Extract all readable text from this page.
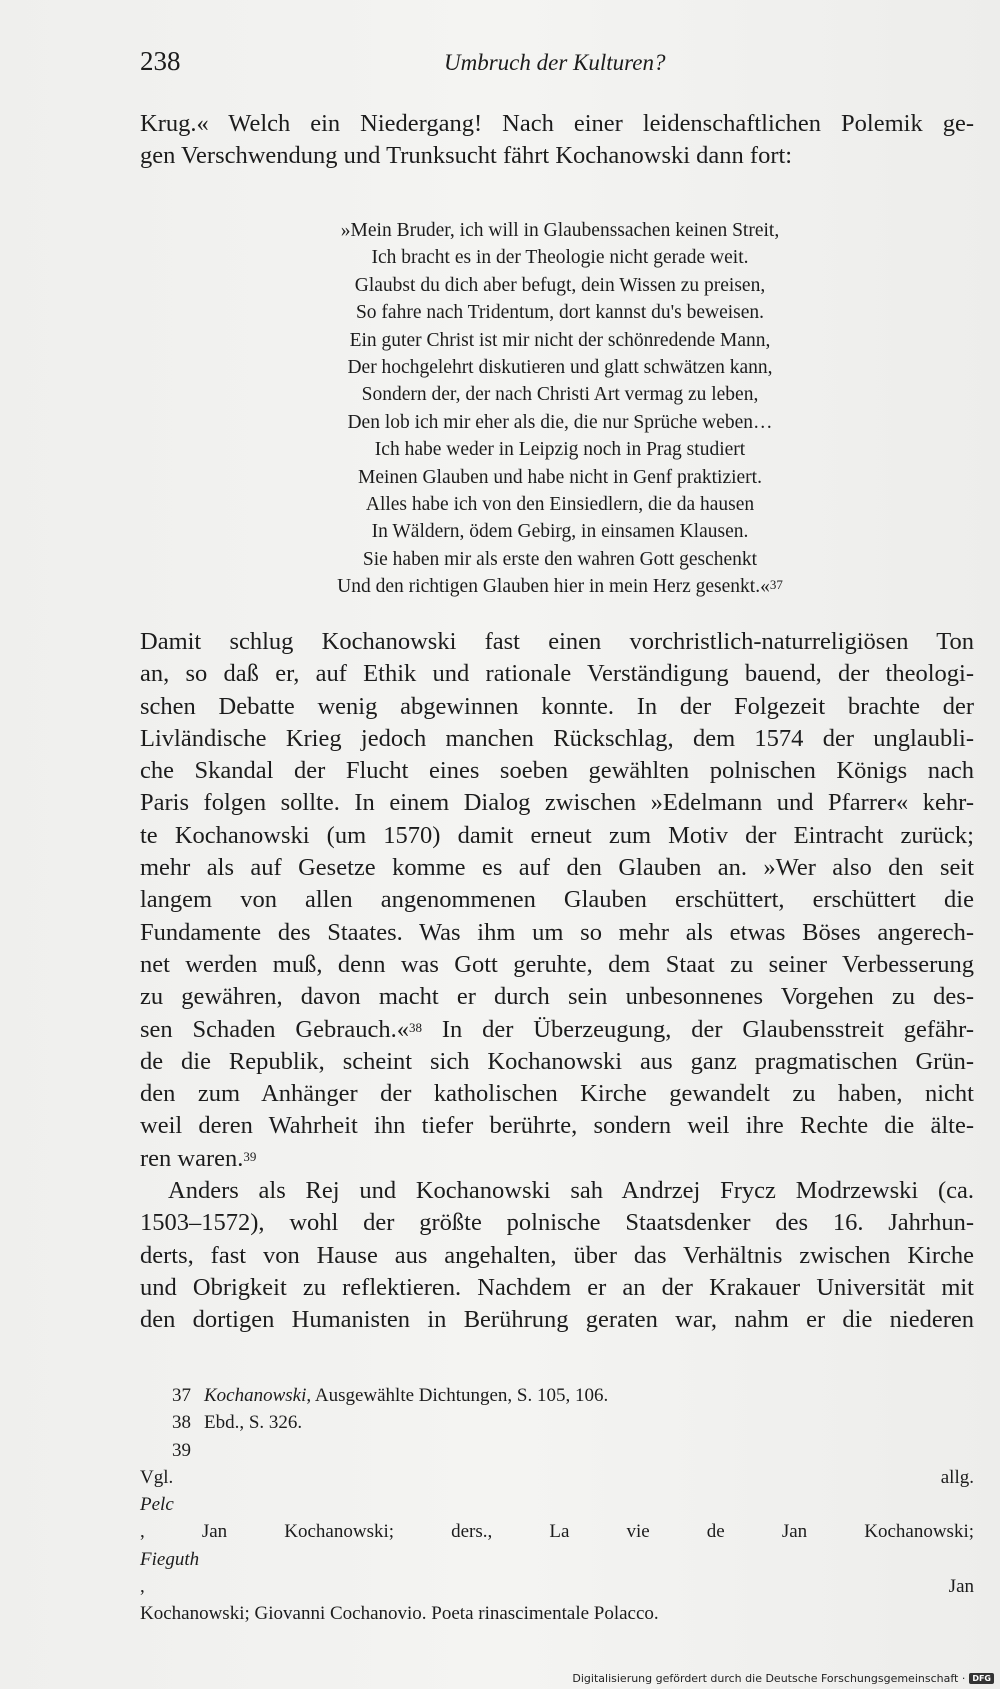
238	Umbruch der Kulturen?

Krug.« Welch ein Niedergang! Nach einer leidenschaftlichen Polemik ge-

gen Verschwendung und Trunksucht fährt Kochanowski dann fort:

»Mein Bruder, ich will in Glaubenssachen keinen Streit,
Ich bracht es in der Theologie nicht gerade weit.
Glaubst du dich aber befugt, dein Wissen zu preisen,
So fahre nach Tridentum, dort kannst du's beweisen.
Ein guter Christ ist mir nicht der schönredende Mann,
Der hochgelehrt diskutieren und glatt schwätzen kann,
Sondern der, der nach Christi Art vermag zu leben,
Den lob ich mir eher als die, die nur Sprüche weben…
Ich habe weder in Leipzig noch in Prag studiert
Meinen Glauben und habe nicht in Genf praktiziert.
Alles habe ich von den Einsiedlern, die da hausen
In Wäldern, ödem Gebirg, in einsamen Klausen.
Sie haben mir als erste den wahren Gott geschenkt
Und den richtigen Glauben hier in mein Herz gesenkt.«$^{37}$

Damit schlug Kochanowski fast einen vorchristlich-naturreligiösen Ton

an, so daß er, auf Ethik und rationale Verständigung bauend, der theologi-

schen Debatte wenig abgewinnen konnte. In der Folgezeit brachte der

Livländische Krieg jedoch manchen Rückschlag, dem 1574 der unglaubli-

che Skandal der Flucht eines soeben gewählten polnischen Königs nach

Paris folgen sollte. In einem Dialog zwischen »Edelmann und Pfarrer« kehr-

te Kochanowski (um 1570) damit erneut zum Motiv der Eintracht zurück;

mehr als auf Gesetze komme es auf den Glauben an. »Wer also den seit

langem von allen angenommenen Glauben erschüttert, erschüttert die

Fundamente des Staates. Was ihm um so mehr als etwas Böses angerech-

net werden muß, denn was Gott geruhte, dem Staat zu seiner Verbesserung

zu gewähren, davon macht er durch sein unbesonnenes Vorgehen zu des-

sen Schaden Gebrauch.«$^{38}$ In der Überzeugung, der Glaubensstreit gefähr-

de die Republik, scheint sich Kochanowski aus ganz pragmatischen Grün-

den zum Anhänger der katholischen Kirche gewandelt zu haben, nicht

weil deren Wahrheit ihn tiefer berührte, sondern weil ihre Rechte die älte-

ren waren.$^{39}$

Anders als Rej und Kochanowski sah Andrzej Frycz Modrzewski (ca.

1503–1572), wohl der größte polnische Staatsdenker des 16. Jahrhun-

derts, fast von Hause aus angehalten, über das Verhältnis zwischen Kirche

und Obrigkeit zu reflektieren. Nachdem er an der Krakauer Universität mit

den dortigen Humanisten in Berührung geraten war, nahm er die niederen

37 Kochanowski, Ausgewählte Dichtungen, S. 105, 106.
38 Ebd., S. 326.
39
Vgl. allg.
Pelc
, Jan Kochanowski; ders., La vie de Jan Kochanowski;
Fieguth
, Jan
Kochanowski; Giovanni Cochanovio. Poeta rinascimentale Polacco.
Digitalisierung gefördert durch die Deutsche Forschungsgemeinschaft · DFG
